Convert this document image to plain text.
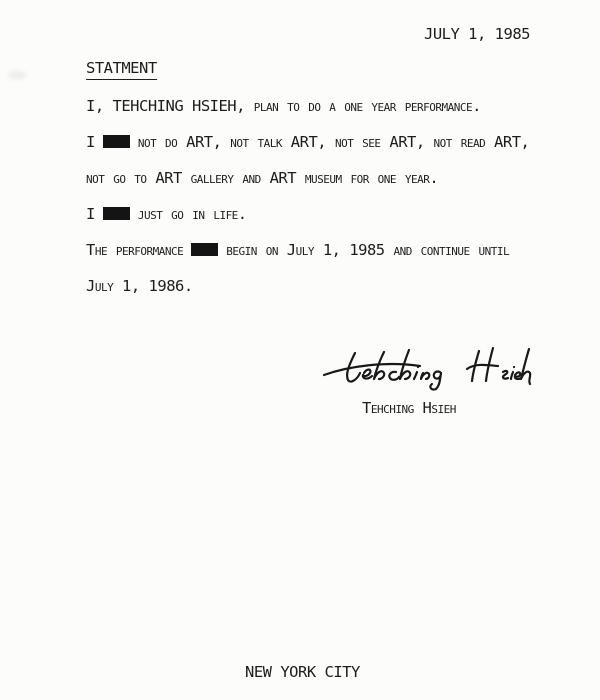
JULY 1, 1985
STATMENT
I, TEHCHING HSIEH, plan to do a one year performance.
I	not do ART, not talk ART, not see ART, not read ART,
not go to ART gallery and ART museum for one year.
I	just go in life.
The performance	begin on July 1, 1985 and continue until
July 1, 1986.
Tehching Hsieh
NEW YORK CITY
